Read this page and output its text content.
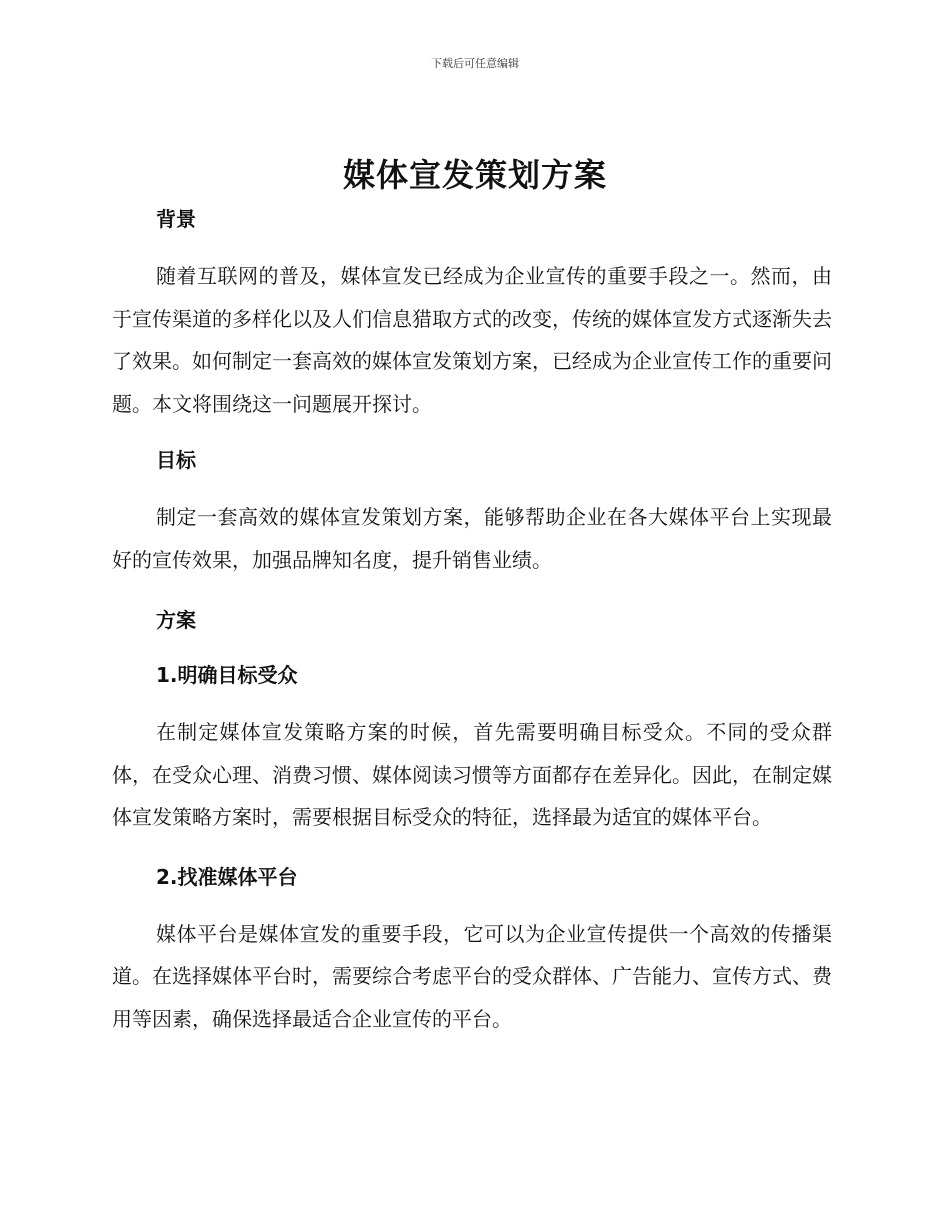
下载后可任意编辑
媒体宣发策划方案
背景

随着互联网的普及，媒体宣发已经成为企业宣传的重要手段之一。然而，由于宣传渠道的多样化以及人们信息猎取方式的改变，传统的媒体宣发方式逐渐失去了效果。如何制定一套高效的媒体宣发策划方案，已经成为企业宣传工作的重要问题。本文将围绕这一问题展开探讨。

目标

制定一套高效的媒体宣发策划方案，能够帮助企业在各大媒体平台上实现最好的宣传效果，加强品牌知名度，提升销售业绩。

方案
1.明确目标受众

在制定媒体宣发策略方案的时候，首先需要明确目标受众。不同的受众群体，在受众心理、消费习惯、媒体阅读习惯等方面都存在差异化。因此，在制定媒体宣发策略方案时，需要根据目标受众的特征，选择最为适宜的媒体平台。

2.找准媒体平台

媒体平台是媒体宣发的重要手段，它可以为企业宣传提供一个高效的传播渠道。在选择媒体平台时，需要综合考虑平台的受众群体、广告能力、宣传方式、费用等因素，确保选择最适合企业宣传的平台。
